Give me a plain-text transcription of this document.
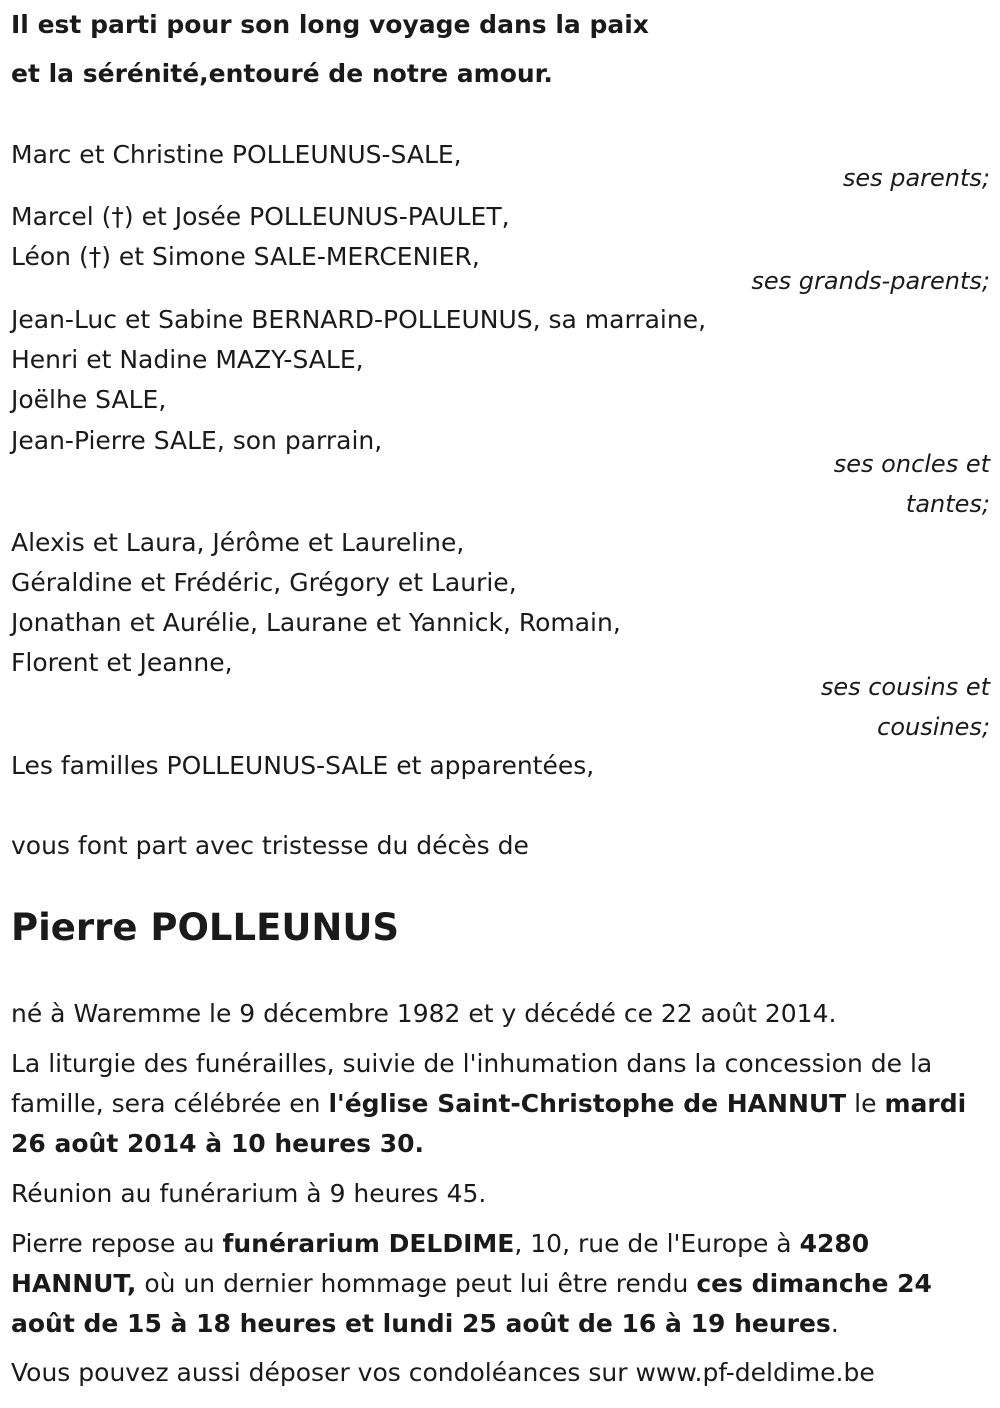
Il est parti pour son long voyage dans la paix
et la sérénité,entouré de notre amour.
Marc et Christine POLLEUNUS-SALE,
ses parents;
Marcel (†) et Josée POLLEUNUS-PAULET,
Léon (†) et Simone SALE-MERCENIER,
ses grands-parents;
Jean-Luc et Sabine BERNARD-POLLEUNUS, sa marraine,
Henri et Nadine MAZY-SALE,
Joëlhe SALE,
Jean-Pierre SALE, son parrain,
ses oncles et
tantes;
Alexis et Laura, Jérôme et Laureline,
Géraldine et Frédéric, Grégory et Laurie,
Jonathan et Aurélie, Laurane et Yannick, Romain,
Florent et Jeanne,
ses cousins et
cousines;
Les familles POLLEUNUS-SALE et apparentées,
vous font part avec tristesse du décès de
Pierre POLLEUNUS
né à Waremme le 9 décembre 1982 et y décédé ce 22 août 2014.
La liturgie des funérailles, suivie de l'inhumation dans la concession de la famille, sera célébrée en l'église Saint-Christophe de HANNUT le mardi 26 août 2014 à 10 heures 30.
Réunion au funérarium à 9 heures 45.
Pierre repose au funérarium DELDIME, 10, rue de l'Europe à 4280 HANNUT, où un dernier hommage peut lui être rendu ces dimanche 24 août de 15 à 18 heures et lundi 25 août de 16 à 19 heures.
Vous pouvez aussi déposer vos condoléances sur www.pf-deldime.be
